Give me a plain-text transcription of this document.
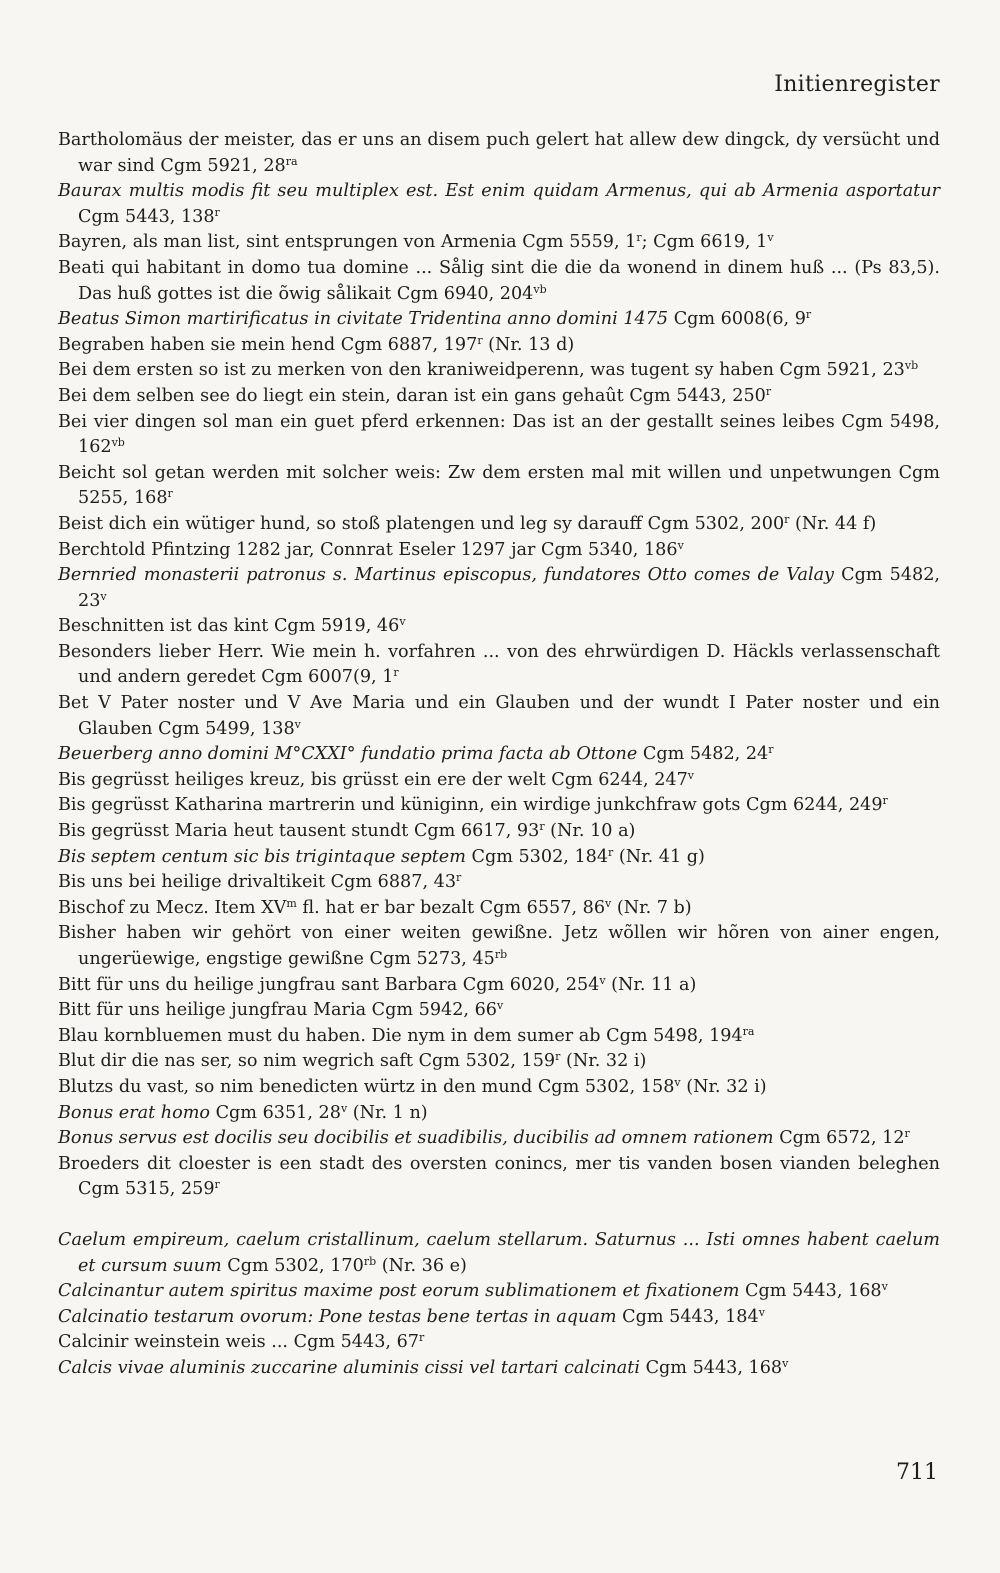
Initienregister
Bartholomäus der meister, das er uns an disem puch gelert hat allew dew dingck, dy versücht und war sind Cgm 5921, $28^{ra}$
Baurax multis modis fit seu multiplex est. Est enim quidam Armenus, qui ab Armenia asportatur Cgm 5443, 138$^r$
Bayren, als man list, sint entsprungen von Armenia Cgm 5559, 1$^r$; Cgm 6619, 1$^v$
Beati qui habitant in domo tua domine ... Sålig sint die die da wonend in dinem huß ... (Ps 83,5). Das huß gottes ist die õwig sålikait Cgm 6940, $204^{vb}$
Beatus Simon martirificatus in civitate Tridentina anno domini 1475 Cgm 6008(6, 9$^r$
Begraben haben sie mein hend Cgm 6887, 197$^r$ (Nr. 13 d)
Bei dem ersten so ist zu merken von den kraniweidperenn, was tugent sy haben Cgm 5921, $23^{vb}$
Bei dem selben see do liegt ein stein, daran ist ein gans gehaût Cgm 5443, 250$^r$
Bei vier dingen sol man ein guet pferd erkennen: Das ist an der gestallt seines leibes Cgm 5498, $162^{vb}$
Beicht sol getan werden mit solcher weis: Zw dem ersten mal mit willen und unpetwungen Cgm 5255, 168$^r$
Beist dich ein wütiger hund, so stoß platengen und leg sy darauff Cgm 5302, 200$^r$ (Nr. 44 f)
Berchtold Pfintzing 1282 jar, Connrat Eseler 1297 jar Cgm 5340, 186$^v$
Bernried monasterii patronus s. Martinus episcopus, fundatores Otto comes de Valay Cgm 5482, 23$^v$
Beschnitten ist das kint Cgm 5919, 46$^v$
Besonders lieber Herr. Wie mein h. vorfahren ... von des ehrwürdigen D. Häckls verlassenschaft und andern geredet Cgm 6007(9, 1$^r$
Bet V Pater noster und V Ave Maria und ein Glauben und der wundt I Pater noster und ein Glauben Cgm 5499, 138$^v$
Beuerberg anno domini M°CXXI° fundatio prima facta ab Ottone Cgm 5482, 24$^r$
Bis gegrüsst heiliges kreuz, bis grüsst ein ere der welt Cgm 6244, 247$^v$
Bis gegrüsst Katharina martrerin und küniginn, ein wirdige junkchfraw gots Cgm 6244, 249$^r$
Bis gegrüsst Maria heut tausent stundt Cgm 6617, 93$^r$ (Nr. 10 a)
Bis septem centum sic bis trigintaque septem Cgm 5302, 184$^r$ (Nr. 41 g)
Bis uns bei heilige drivaltikeit Cgm 6887, 43$^r$
Bischof zu Mecz. Item $XV^m$ fl. hat er bar bezalt Cgm 6557, 86$^v$ (Nr. 7 b)
Bisher haben wir gehört von einer weiten gewißne. Jetz wõllen wir hõren von ainer engen, ungerüewige, engstige gewißne Cgm 5273, $45^{rb}$
Bitt für uns du heilige jungfrau sant Barbara Cgm 6020, 254$^v$ (Nr. 11 a)
Bitt für uns heilige jungfrau Maria Cgm 5942, 66$^v$
Blau kornbluemen must du haben. Die nym in dem sumer ab Cgm 5498, $194^{ra}$
Blut dir die nas ser, so nim wegrich saft Cgm 5302, 159$^r$ (Nr. 32 i)
Blutzs du vast, so nim benedicten würtz in den mund Cgm 5302, 158$^v$ (Nr. 32 i)
Bonus erat homo Cgm 6351, 28$^v$ (Nr. 1 n)
Bonus servus est docilis seu docibilis et suadibilis, ducibilis ad omnem rationem Cgm 6572, 12$^r$
Broeders dit cloester is een stadt des oversten conincs, mer tis vanden bosen vianden beleghen Cgm 5315, 259$^r$
Caelum empireum, caelum cristallinum, caelum stellarum. Saturnus ... Isti omnes habent caelum et cursum suum Cgm 5302, $170^{rb}$ (Nr. 36 e)
Calcinantur autem spiritus maxime post eorum sublimationem et fixationem Cgm 5443, 168$^v$
Calcinatio testarum ovorum: Pone testas bene tertas in aquam Cgm 5443, 184$^v$
Calcinir weinstein weis ... Cgm 5443, 67$^r$
Calcis vivae aluminis zuccarine aluminis cissi vel tartari calcinati Cgm 5443, 168$^v$
711
